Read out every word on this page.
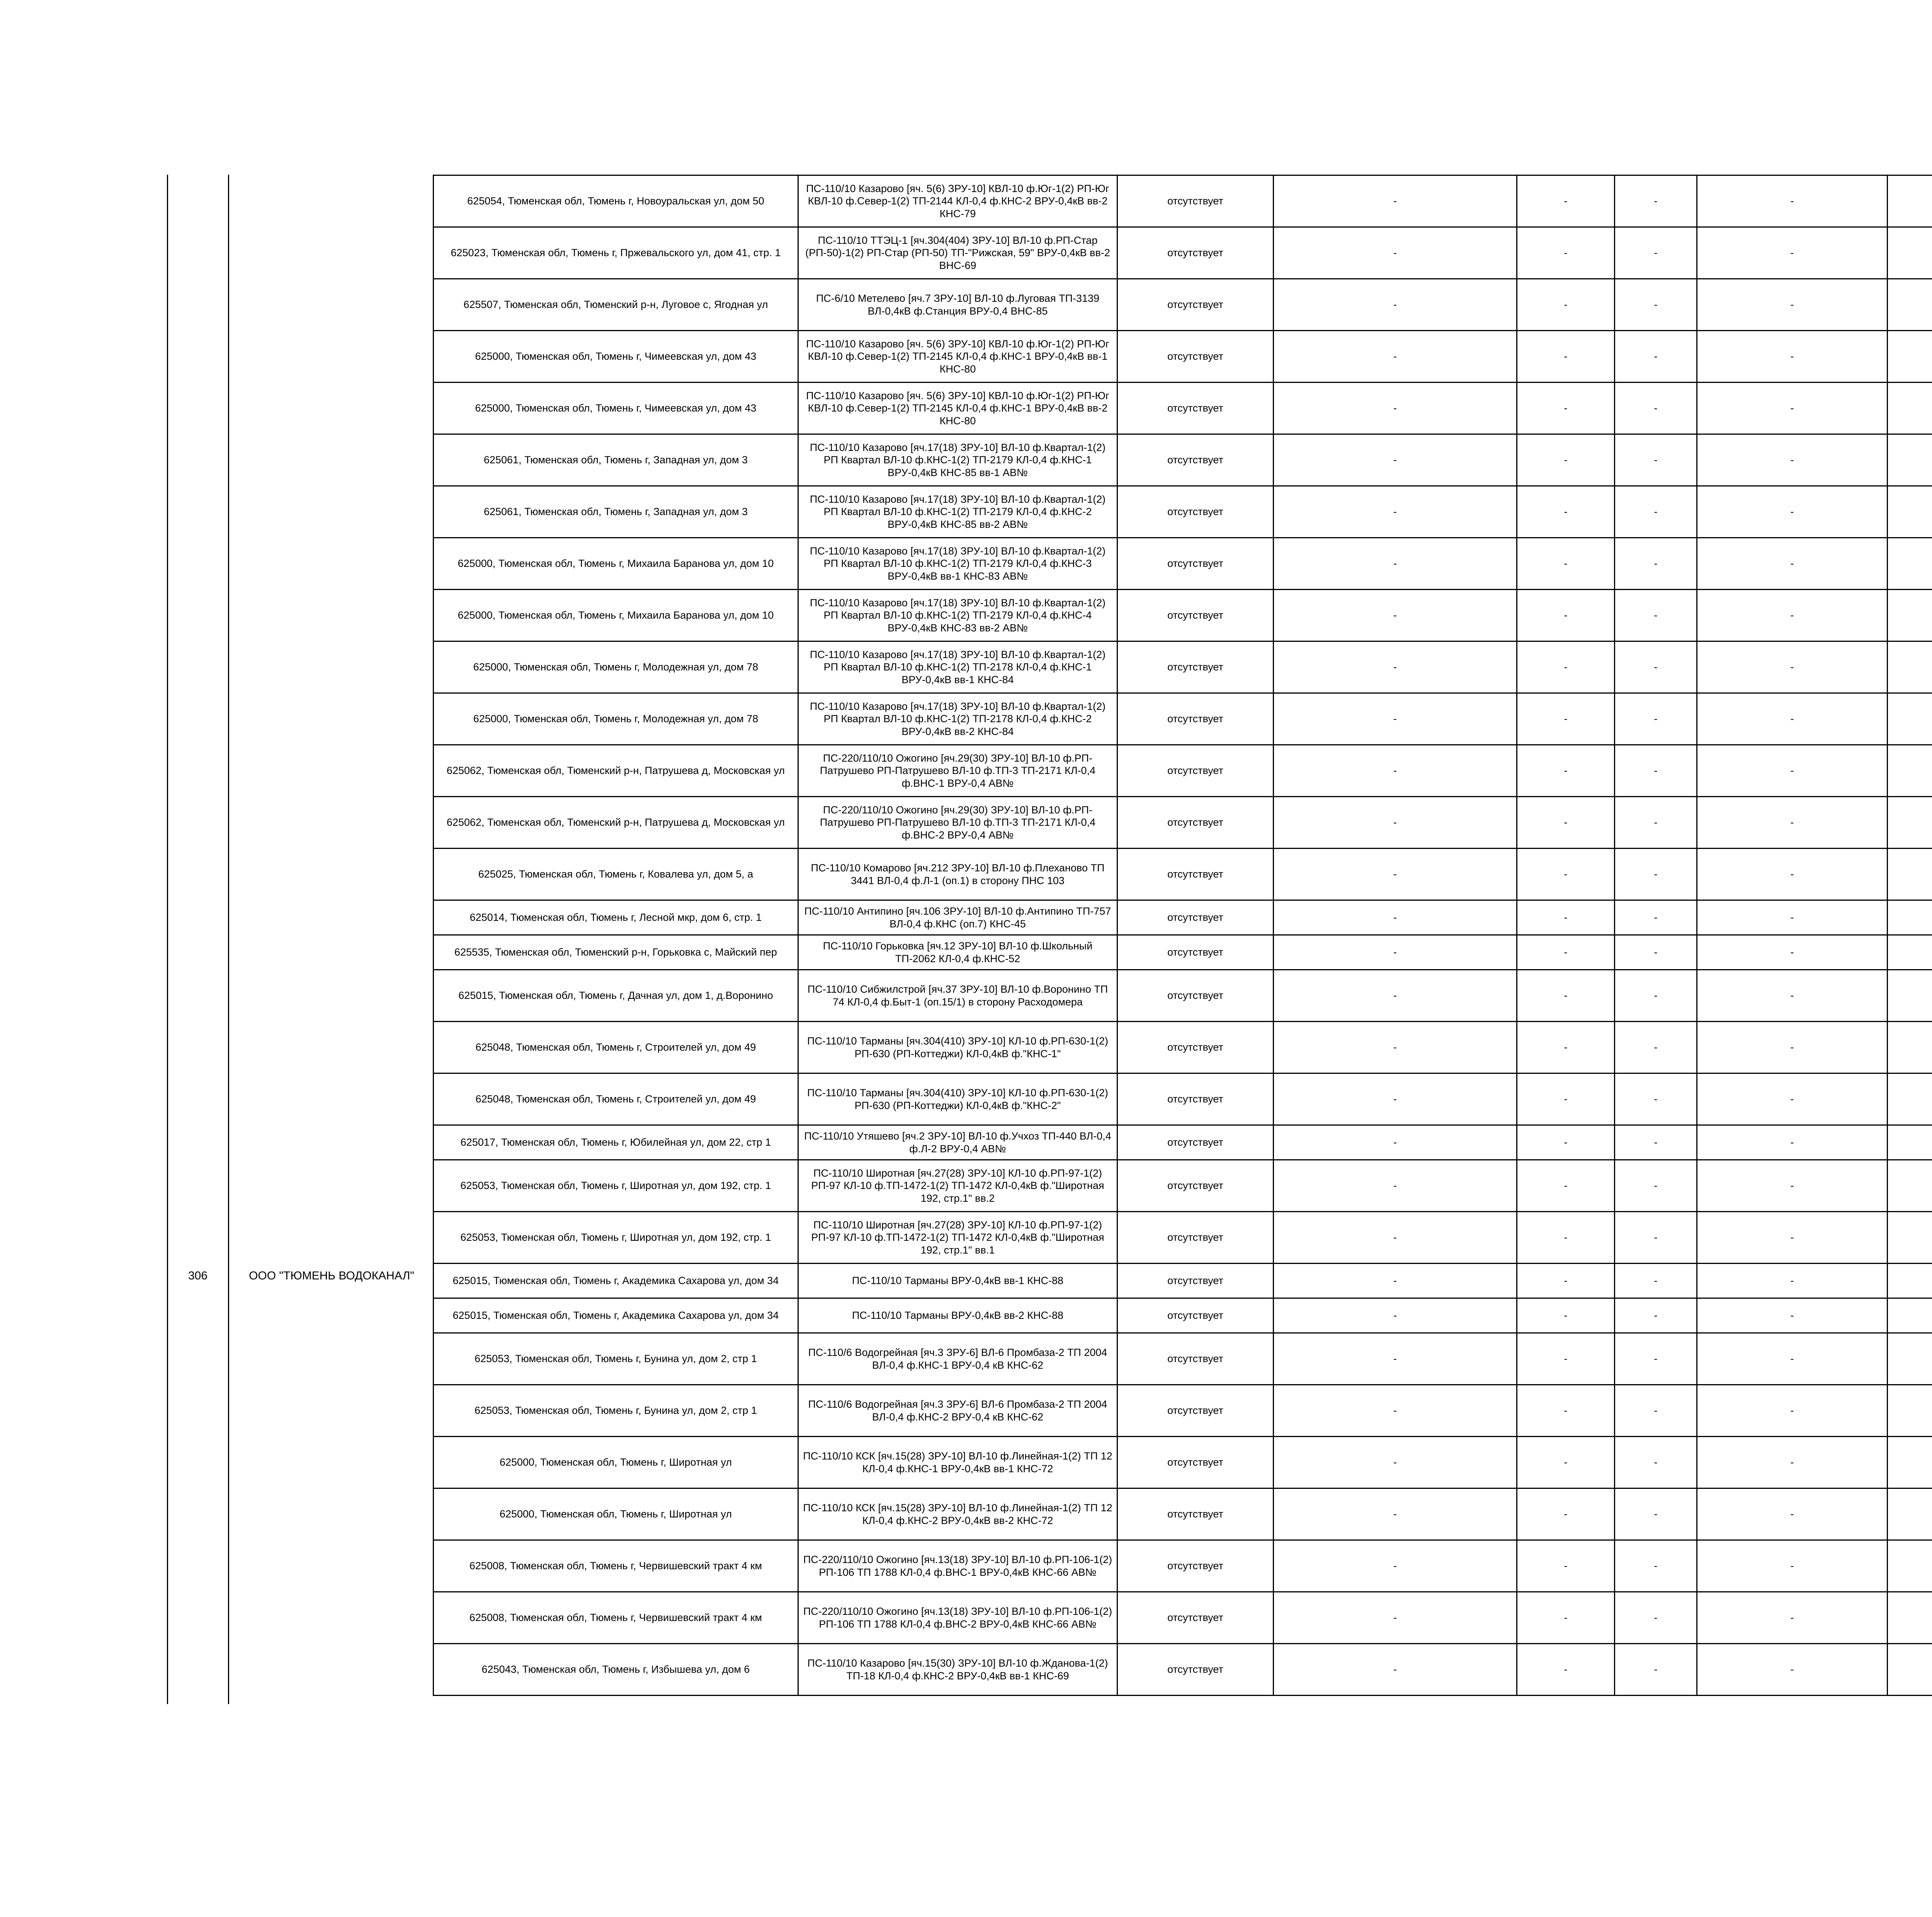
306	ООО "ТЮМЕНЬ ВОДОКАНАЛ"
625054, Тюменская обл, Тюмень г, Новоуральская ул, дом 50	ПС-110/10 Казарово [яч. 5(6) ЗРУ-10] КВЛ-10 ф.Юг-1(2) РП-Юг КВЛ-10 ф.Север-1(2) ТП-2144 КЛ-0,4 ф.КНС-2 ВРУ-0,4кВ вв-2 КНС-79	отсутствует	-	-	-	-		
625023, Тюменская обл, Тюмень г, Пржевальского ул, дом 41, стр. 1	ПС-110/10 ТТЭЦ-1 [яч.304(404) ЗРУ-10] ВЛ-10 ф.РП-Стар (РП-50)-1(2) РП-Стар (РП-50) ТП-"Рижская, 59" ВРУ-0,4кВ вв-2 ВНС-69	отсутствует	-	-	-	-		
625507, Тюменская обл, Тюменский р-н, Луговое с, Ягодная ул	ПС-6/10 Метелево [яч.7 ЗРУ-10] ВЛ-10 ф.Луговая ТП-3139 ВЛ-0,4кВ ф.Станция ВРУ-0,4 ВНС-85	отсутствует	-	-	-	-		
625000, Тюменская обл, Тюмень г, Чимеевская ул, дом 43	ПС-110/10 Казарово [яч. 5(6) ЗРУ-10] КВЛ-10 ф.Юг-1(2) РП-Юг КВЛ-10 ф.Север-1(2) ТП-2145 КЛ-0,4 ф.КНС-1 ВРУ-0,4кВ вв-1 КНС-80	отсутствует	-	-	-	-		
625000, Тюменская обл, Тюмень г, Чимеевская ул, дом 43	ПС-110/10 Казарово [яч. 5(6) ЗРУ-10] КВЛ-10 ф.Юг-1(2) РП-Юг КВЛ-10 ф.Север-1(2) ТП-2145 КЛ-0,4 ф.КНС-1 ВРУ-0,4кВ вв-2 КНС-80	отсутствует	-	-	-	-		
625061, Тюменская обл, Тюмень г, Западная ул, дом 3	ПС-110/10 Казарово [яч.17(18) ЗРУ-10] ВЛ-10 ф.Квартал-1(2) РП Квартал ВЛ-10 ф.КНС-1(2) ТП-2179 КЛ-0,4 ф.КНС-1 ВРУ-0,4кВ КНС-85 вв-1 АВ№	отсутствует	-	-	-	-		
625061, Тюменская обл, Тюмень г, Западная ул, дом 3	ПС-110/10 Казарово [яч.17(18) ЗРУ-10] ВЛ-10 ф.Квартал-1(2) РП Квартал ВЛ-10 ф.КНС-1(2) ТП-2179 КЛ-0,4 ф.КНС-2 ВРУ-0,4кВ КНС-85 вв-2 АВ№	отсутствует	-	-	-	-		
625000, Тюменская обл, Тюмень г, Михаила Баранова ул, дом 10	ПС-110/10 Казарово [яч.17(18) ЗРУ-10] ВЛ-10 ф.Квартал-1(2) РП Квартал ВЛ-10 ф.КНС-1(2) ТП-2179 КЛ-0,4 ф.КНС-3 ВРУ-0,4кВ вв-1 КНС-83 АВ№	отсутствует	-	-	-	-		
625000, Тюменская обл, Тюмень г, Михаила Баранова ул, дом 10	ПС-110/10 Казарово [яч.17(18) ЗРУ-10] ВЛ-10 ф.Квартал-1(2) РП Квартал ВЛ-10 ф.КНС-1(2) ТП-2179 КЛ-0,4 ф.КНС-4 ВРУ-0,4кВ КНС-83 вв-2 АВ№	отсутствует	-	-	-	-		
625000, Тюменская обл, Тюмень г, Молодежная ул, дом 78	ПС-110/10 Казарово [яч.17(18) ЗРУ-10] ВЛ-10 ф.Квартал-1(2) РП Квартал ВЛ-10 ф.КНС-1(2) ТП-2178 КЛ-0,4 ф.КНС-1 ВРУ-0,4кВ вв-1 КНС-84	отсутствует	-	-	-	-		
625000, Тюменская обл, Тюмень г, Молодежная ул, дом 78	ПС-110/10 Казарово [яч.17(18) ЗРУ-10] ВЛ-10 ф.Квартал-1(2) РП Квартал ВЛ-10 ф.КНС-1(2) ТП-2178 КЛ-0,4 ф.КНС-2 ВРУ-0,4кВ вв-2 КНС-84	отсутствует	-	-	-	-		
625062, Тюменская обл, Тюменский р-н, Патрушева д, Московская ул	ПС-220/110/10 Ожогино [яч.29(30) ЗРУ-10] ВЛ-10 ф.РП-Патрушево РП-Патрушево ВЛ-10 ф.ТП-3 ТП-2171 КЛ-0,4 ф.ВНС-1 ВРУ-0,4 АВ№	отсутствует	-	-	-	-		
625062, Тюменская обл, Тюменский р-н, Патрушева д, Московская ул	ПС-220/110/10 Ожогино [яч.29(30) ЗРУ-10] ВЛ-10 ф.РП-Патрушево РП-Патрушево ВЛ-10 ф.ТП-3 ТП-2171 КЛ-0,4 ф.ВНС-2 ВРУ-0,4 АВ№	отсутствует	-	-	-	-		
625025, Тюменская обл, Тюмень г, Ковалева ул, дом 5, а	ПС-110/10 Комарово [яч.212 ЗРУ-10] ВЛ-10 ф.Плеханово ТП 3441 ВЛ-0,4 ф.Л-1 (оп.1) в сторону ПНС 103	отсутствует	-	-	-	-		
625014, Тюменская обл, Тюмень г, Лесной мкр, дом 6, стр. 1	ПС-110/10 Антипино [яч.106 ЗРУ-10] ВЛ-10 ф.Антипино ТП-757 ВЛ-0,4 ф.КНС (оп.7) КНС-45	отсутствует	-	-	-	-		
625535, Тюменская обл, Тюменский р-н, Горьковка с, Майский пер	ПС-110/10 Горьковка [яч.12 ЗРУ-10] ВЛ-10 ф.Школьный ТП-2062 КЛ-0,4 ф.КНС-52	отсутствует	-	-	-	-		
625015, Тюменская обл, Тюмень г, Дачная ул, дом 1, д.Воронино	ПС-110/10 Сибжилстрой [яч.37 ЗРУ-10] ВЛ-10 ф.Воронино ТП 74 КЛ-0,4 ф.Быт-1 (оп.15/1) в сторону Расходомера	отсутствует	-	-	-	-		
625048, Тюменская обл, Тюмень г, Строителей ул, дом 49	ПС-110/10 Тарманы [яч.304(410) ЗРУ-10] КЛ-10 ф.РП-630-1(2) РП-630 (РП-Коттеджи) КЛ-0,4кВ ф."КНС-1"	отсутствует	-	-	-	-		
625048, Тюменская обл, Тюмень г, Строителей ул, дом 49	ПС-110/10 Тарманы [яч.304(410) ЗРУ-10] КЛ-10 ф.РП-630-1(2) РП-630 (РП-Коттеджи) КЛ-0,4кВ ф."КНС-2"	отсутствует	-	-	-	-		
625017, Тюменская обл, Тюмень г, Юбилейная ул, дом 22, стр 1	ПС-110/10 Утяшево [яч.2 ЗРУ-10] ВЛ-10 ф.Учхоз ТП-440 ВЛ-0,4 ф.Л-2 ВРУ-0,4 АВ№	отсутствует	-	-	-	-		
625053, Тюменская обл, Тюмень г, Широтная ул, дом 192, стр. 1	ПС-110/10 Широтная [яч.27(28) ЗРУ-10] КЛ-10 ф.РП-97-1(2) РП-97 КЛ-10 ф.ТП-1472-1(2) ТП-1472 КЛ-0,4кВ ф."Широтная 192, стр.1" вв.2	отсутствует	-	-	-	-		
625053, Тюменская обл, Тюмень г, Широтная ул, дом 192, стр. 1	ПС-110/10 Широтная [яч.27(28) ЗРУ-10] КЛ-10 ф.РП-97-1(2) РП-97 КЛ-10 ф.ТП-1472-1(2) ТП-1472 КЛ-0,4кВ ф."Широтная 192, стр.1" вв.1	отсутствует	-	-	-	-		
625015, Тюменская обл, Тюмень г, Академика Сахарова ул, дом 34	ПС-110/10 Тарманы ВРУ-0,4кВ вв-1 КНС-88	отсутствует	-	-	-	-		
625015, Тюменская обл, Тюмень г, Академика Сахарова ул, дом 34	ПС-110/10 Тарманы ВРУ-0,4кВ вв-2 КНС-88	отсутствует	-	-	-	-		
625053, Тюменская обл, Тюмень г, Бунина ул, дом 2, стр 1	ПС-110/6 Водогрейная [яч.3 ЗРУ-6] ВЛ-6 Промбаза-2 ТП 2004 ВЛ-0,4 ф.КНС-1 ВРУ-0,4 кВ КНС-62	отсутствует	-	-	-	-		
625053, Тюменская обл, Тюмень г, Бунина ул, дом 2, стр 1	ПС-110/6 Водогрейная [яч.3 ЗРУ-6] ВЛ-6 Промбаза-2 ТП 2004 ВЛ-0,4 ф.КНС-2 ВРУ-0,4 кВ КНС-62	отсутствует	-	-	-	-		
625000, Тюменская обл, Тюмень г, Широтная ул	ПС-110/10 КСК [яч.15(28) ЗРУ-10] ВЛ-10 ф.Линейная-1(2) ТП 12 КЛ-0,4 ф.КНС-1 ВРУ-0,4кВ вв-1 КНС-72	отсутствует	-	-	-	-		
625000, Тюменская обл, Тюмень г, Широтная ул	ПС-110/10 КСК [яч.15(28) ЗРУ-10] ВЛ-10 ф.Линейная-1(2) ТП 12 КЛ-0,4 ф.КНС-2 ВРУ-0,4кВ вв-2 КНС-72	отсутствует	-	-	-	-		
625008, Тюменская обл, Тюмень г, Червишевский тракт 4 км	ПС-220/110/10 Ожогино [яч.13(18) ЗРУ-10] ВЛ-10 ф.РП-106-1(2) РП-106 ТП 1788 КЛ-0,4 ф.ВНС-1 ВРУ-0,4кВ КНС-66 АВ№	отсутствует	-	-	-	-		
625008, Тюменская обл, Тюмень г, Червишевский тракт 4 км	ПС-220/110/10 Ожогино [яч.13(18) ЗРУ-10] ВЛ-10 ф.РП-106-1(2) РП-106 ТП 1788 КЛ-0,4 ф.ВНС-2 ВРУ-0,4кВ КНС-66 АВ№	отсутствует	-	-	-	-		
625043, Тюменская обл, Тюмень г, Избышева ул, дом 6	ПС-110/10 Казарово [яч.15(30) ЗРУ-10] ВЛ-10 ф.Жданова-1(2) ТП-18 КЛ-0,4 ф.КНС-2 ВРУ-0,4кВ вв-1 КНС-69	отсутствует	-	-	-	-		
